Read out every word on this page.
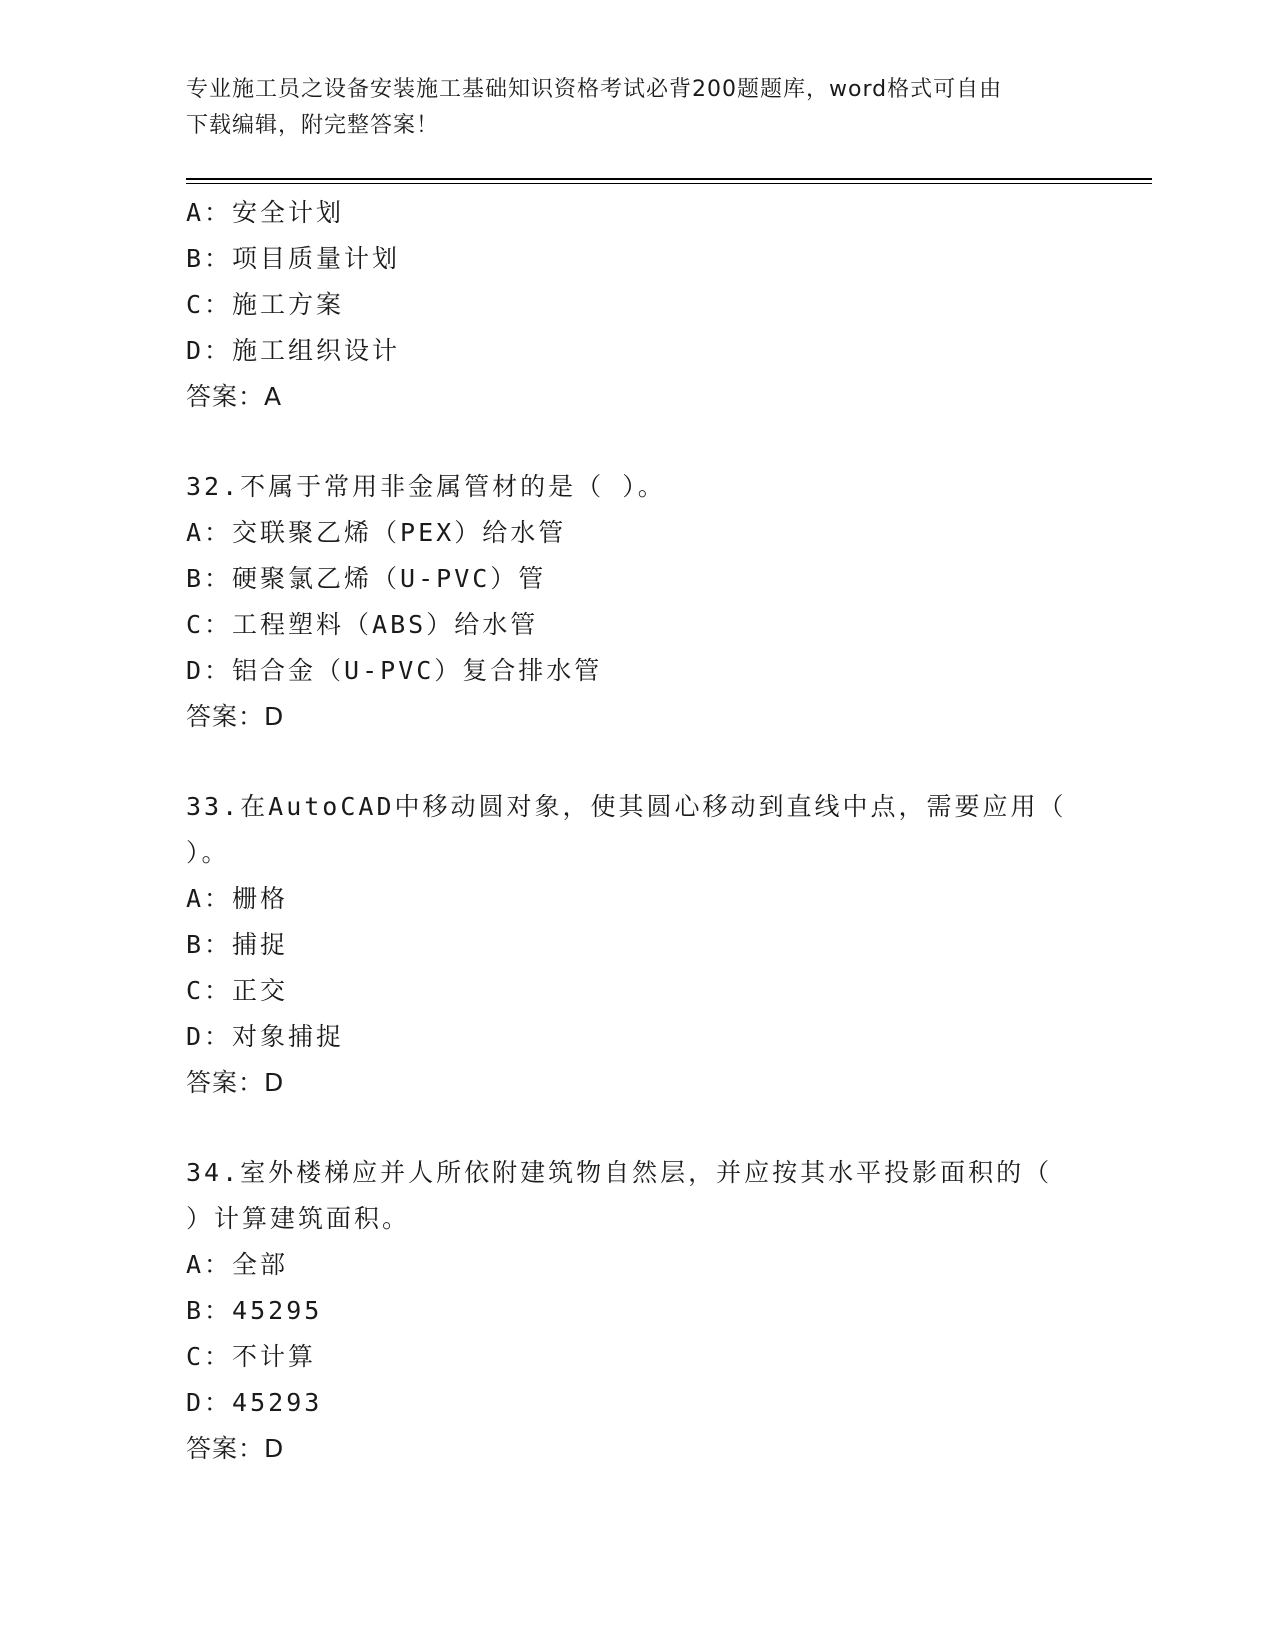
专业施工员之设备安装施工基础知识资格考试必背200题题库，word格式可自由
下载编辑，附完整答案！
A：安全计划
B：项目质量计划
C：施工方案
D：施工组织设计
答案：A
32.不属于常用非金属管材的是（ ）。
A：交联聚乙烯（PEX）给水管
B：硬聚氯乙烯（U-PVC）管
C：工程塑料（ABS）给水管
D：铝合金（U-PVC）复合排水管
答案：D
33.在AutoCAD中移动圆对象，使其圆心移动到直线中点，需要应用（
）。
A：栅格
B：捕捉
C：正交
D：对象捕捉
答案：D
34.室外楼梯应并人所依附建筑物自然层，并应按其水平投影面积的（
）计算建筑面积。
A：全部
B：45295
C：不计算
D：45293
答案：D
